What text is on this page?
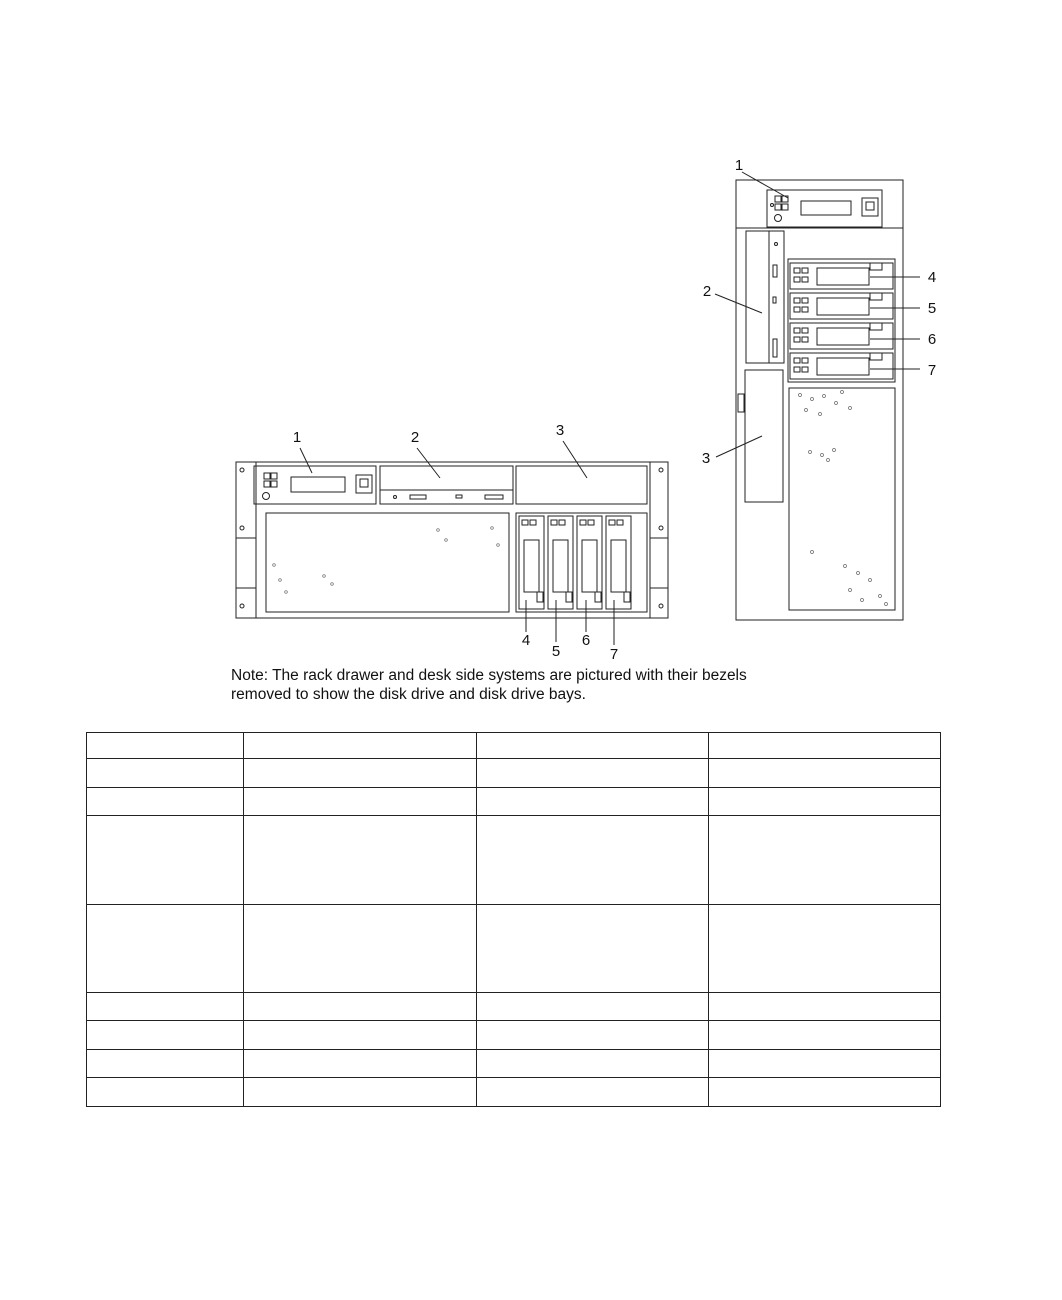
1
2
3
4
5
6
7
1	2	3
4
5
6
7

Note: The rack drawer and desk side systems are pictured with their bezels removed to show the disk drive and disk drive bays.
